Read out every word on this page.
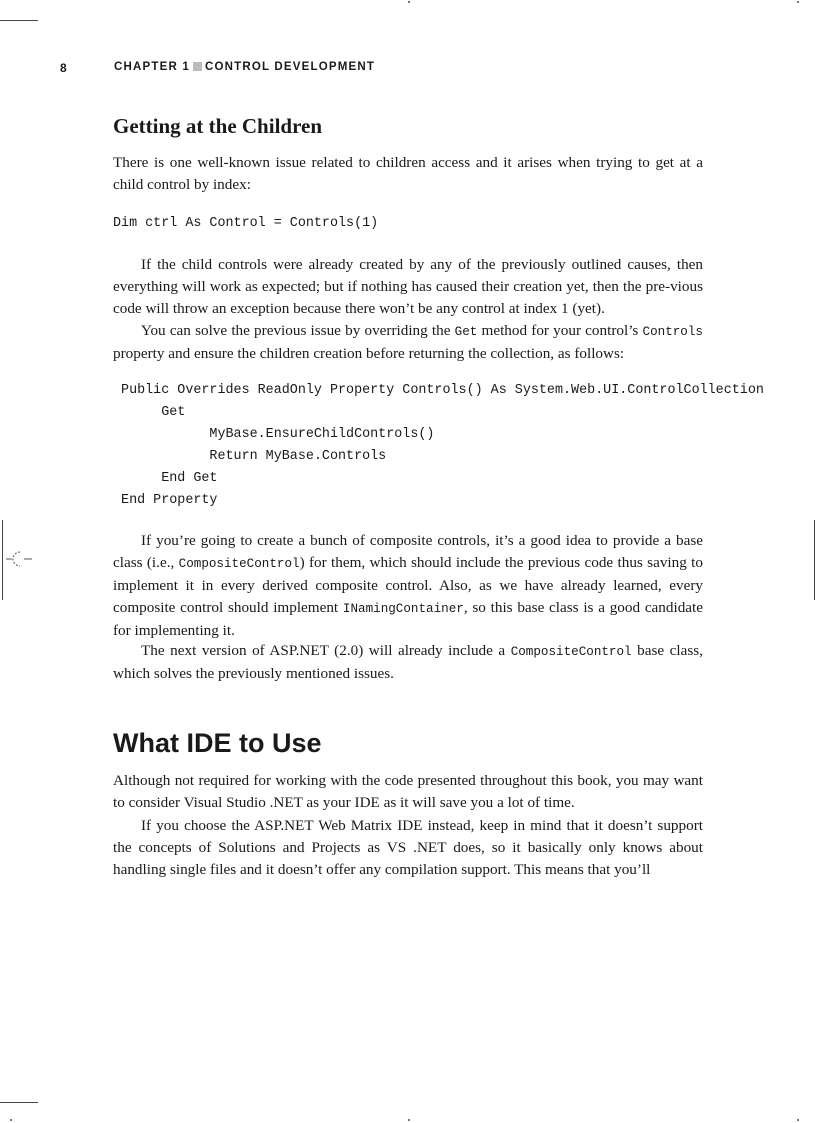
8	CHAPTER 1 CONTROL DEVELOPMENT
Getting at the Children

There is one well-known issue related to children access and it arises when trying to get at a child control by index:

Dim ctrl As Control = Controls(1)

If the child controls were already created by any of the previously outlined causes, then everything will work as expected; but if nothing has caused their creation yet, then the pre-vious code will throw an exception because there won’t be any control at index 1 (yet).

You can solve the previous issue by overriding the Get method for your control’s Controls property and ensure the children creation before returning the collection, as follows:

Public Overrides ReadOnly Property Controls() As System.Web.UI.ControlCollection
Get
MyBase.EnsureChildControls()
Return MyBase.Controls
End Get
End Property

If you’re going to create a bunch of composite controls, it’s a good idea to provide a base class (i.e., CompositeControl) for them, which should include the previous code thus saving to implement it in every derived composite control. Also, as we have already learned, every composite control should implement INamingContainer, so this base class is a good candidate for implementing it.

The next version of ASP.NET (2.0) will already include a CompositeControl base class, which solves the previously mentioned issues.

What IDE to Use

Although not required for working with the code presented throughout this book, you may want to consider Visual Studio .NET as your IDE as it will save you a lot of time.

If you choose the ASP.NET Web Matrix IDE instead, keep in mind that it doesn’t support the concepts of Solutions and Projects as VS .NET does, so it basically only knows about handling single files and it doesn’t offer any compilation support. This means that you’ll
